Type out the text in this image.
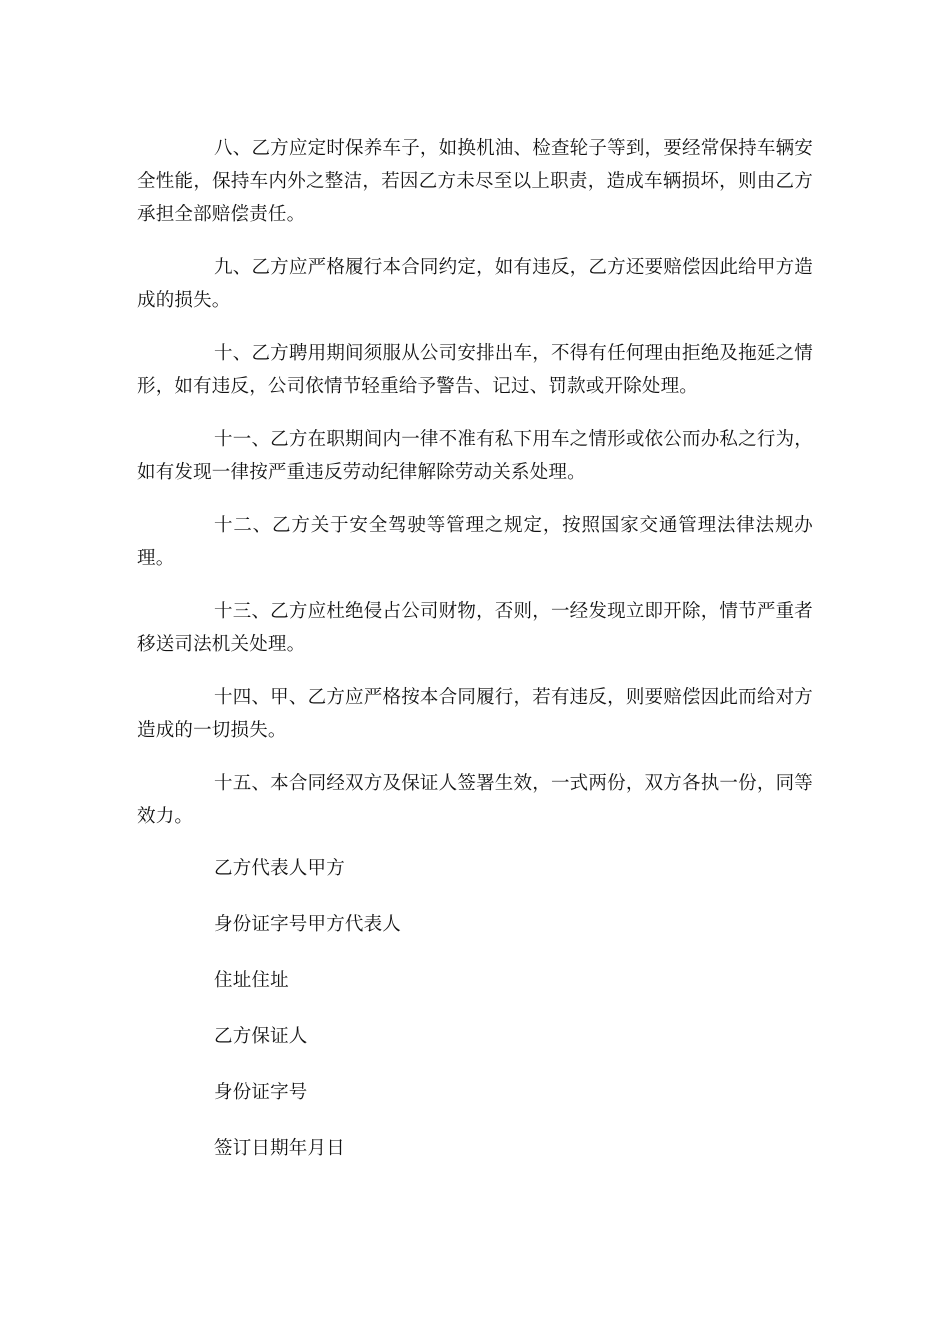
八、乙方应定时保养车子，如换机油、检查轮子等到，要经常保持车辆安全性能，保持车内外之整洁，若因乙方未尽至以上职责，造成车辆损坏，则由乙方承担全部赔偿责任。

九、乙方应严格履行本合同约定，如有违反，乙方还要赔偿因此给甲方造成的损失。

十、乙方聘用期间须服从公司安排出车，不得有任何理由拒绝及拖延之情形，如有违反，公司依情节轻重给予警告、记过、罚款或开除处理。

十一、乙方在职期间内一律不准有私下用车之情形或依公而办私之行为，如有发现一律按严重违反劳动纪律解除劳动关系处理。

十二、乙方关于安全驾驶等管理之规定，按照国家交通管理法律法规办理。

十三、乙方应杜绝侵占公司财物，否则，一经发现立即开除，情节严重者移送司法机关处理。

十四、甲、乙方应严格按本合同履行，若有违反，则要赔偿因此而给对方造成的一切损失。

十五、本合同经双方及保证人签署生效，一式两份，双方各执一份，同等效力。

乙方代表人甲方

身份证字号甲方代表人

住址住址

乙方保证人

身份证字号

签订日期年月日
